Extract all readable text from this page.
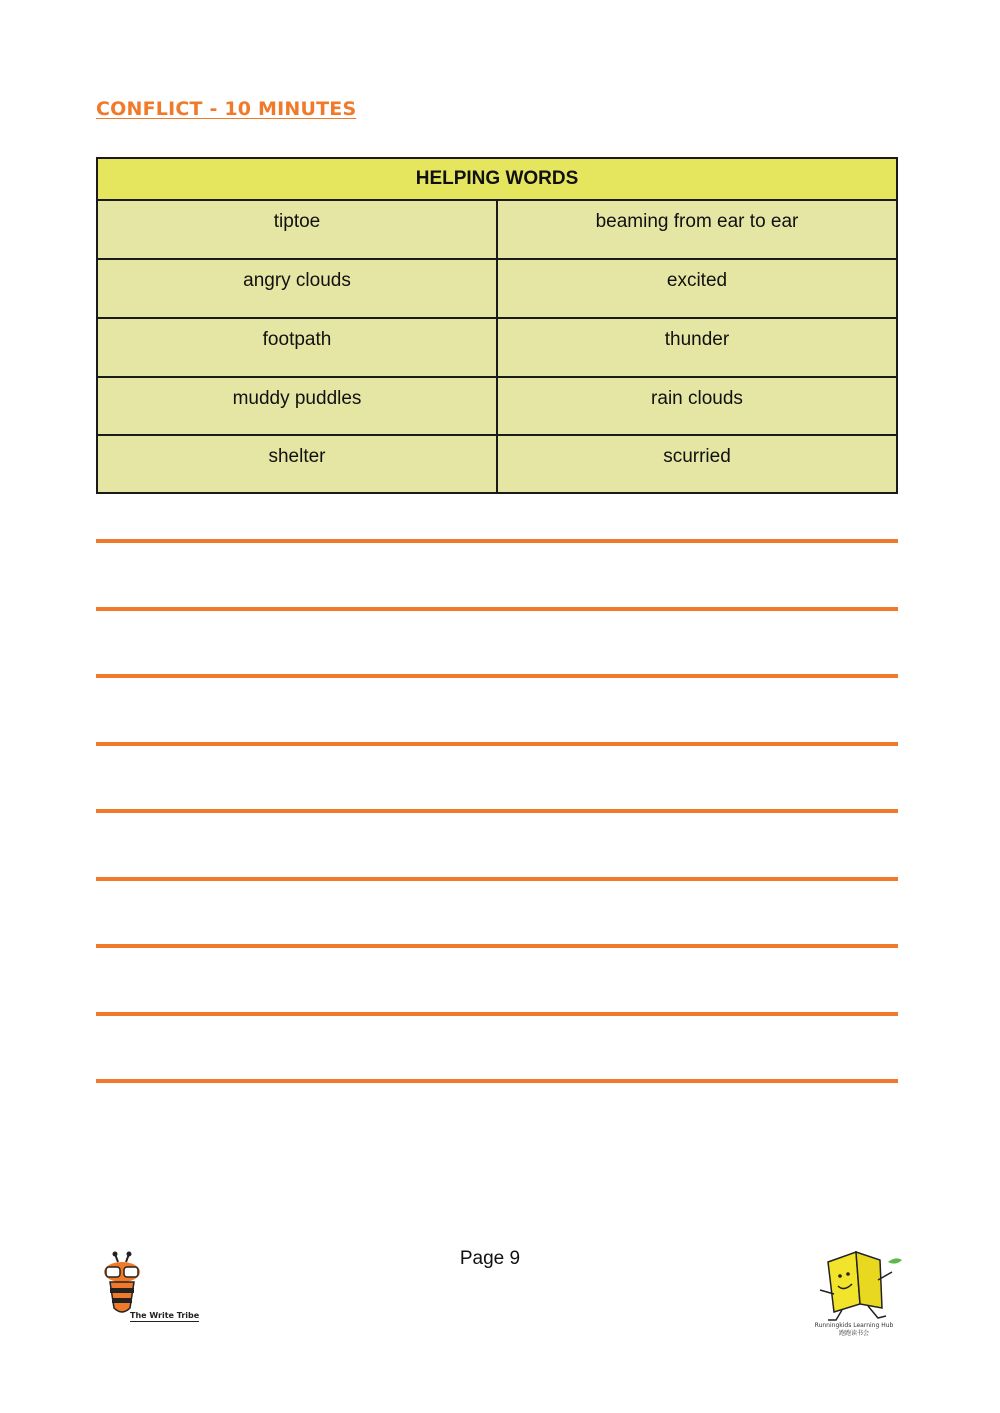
CONFLICT - 10 MINUTES
HELPING WORDS	
tiptoe	beaming from ear to ear
angry clouds	excited
footpath	thunder
muddy puddles	rain clouds
shelter	scurried
The Write Tribe
Page 9
Runningkids Learning Hub
跑跑读书会
